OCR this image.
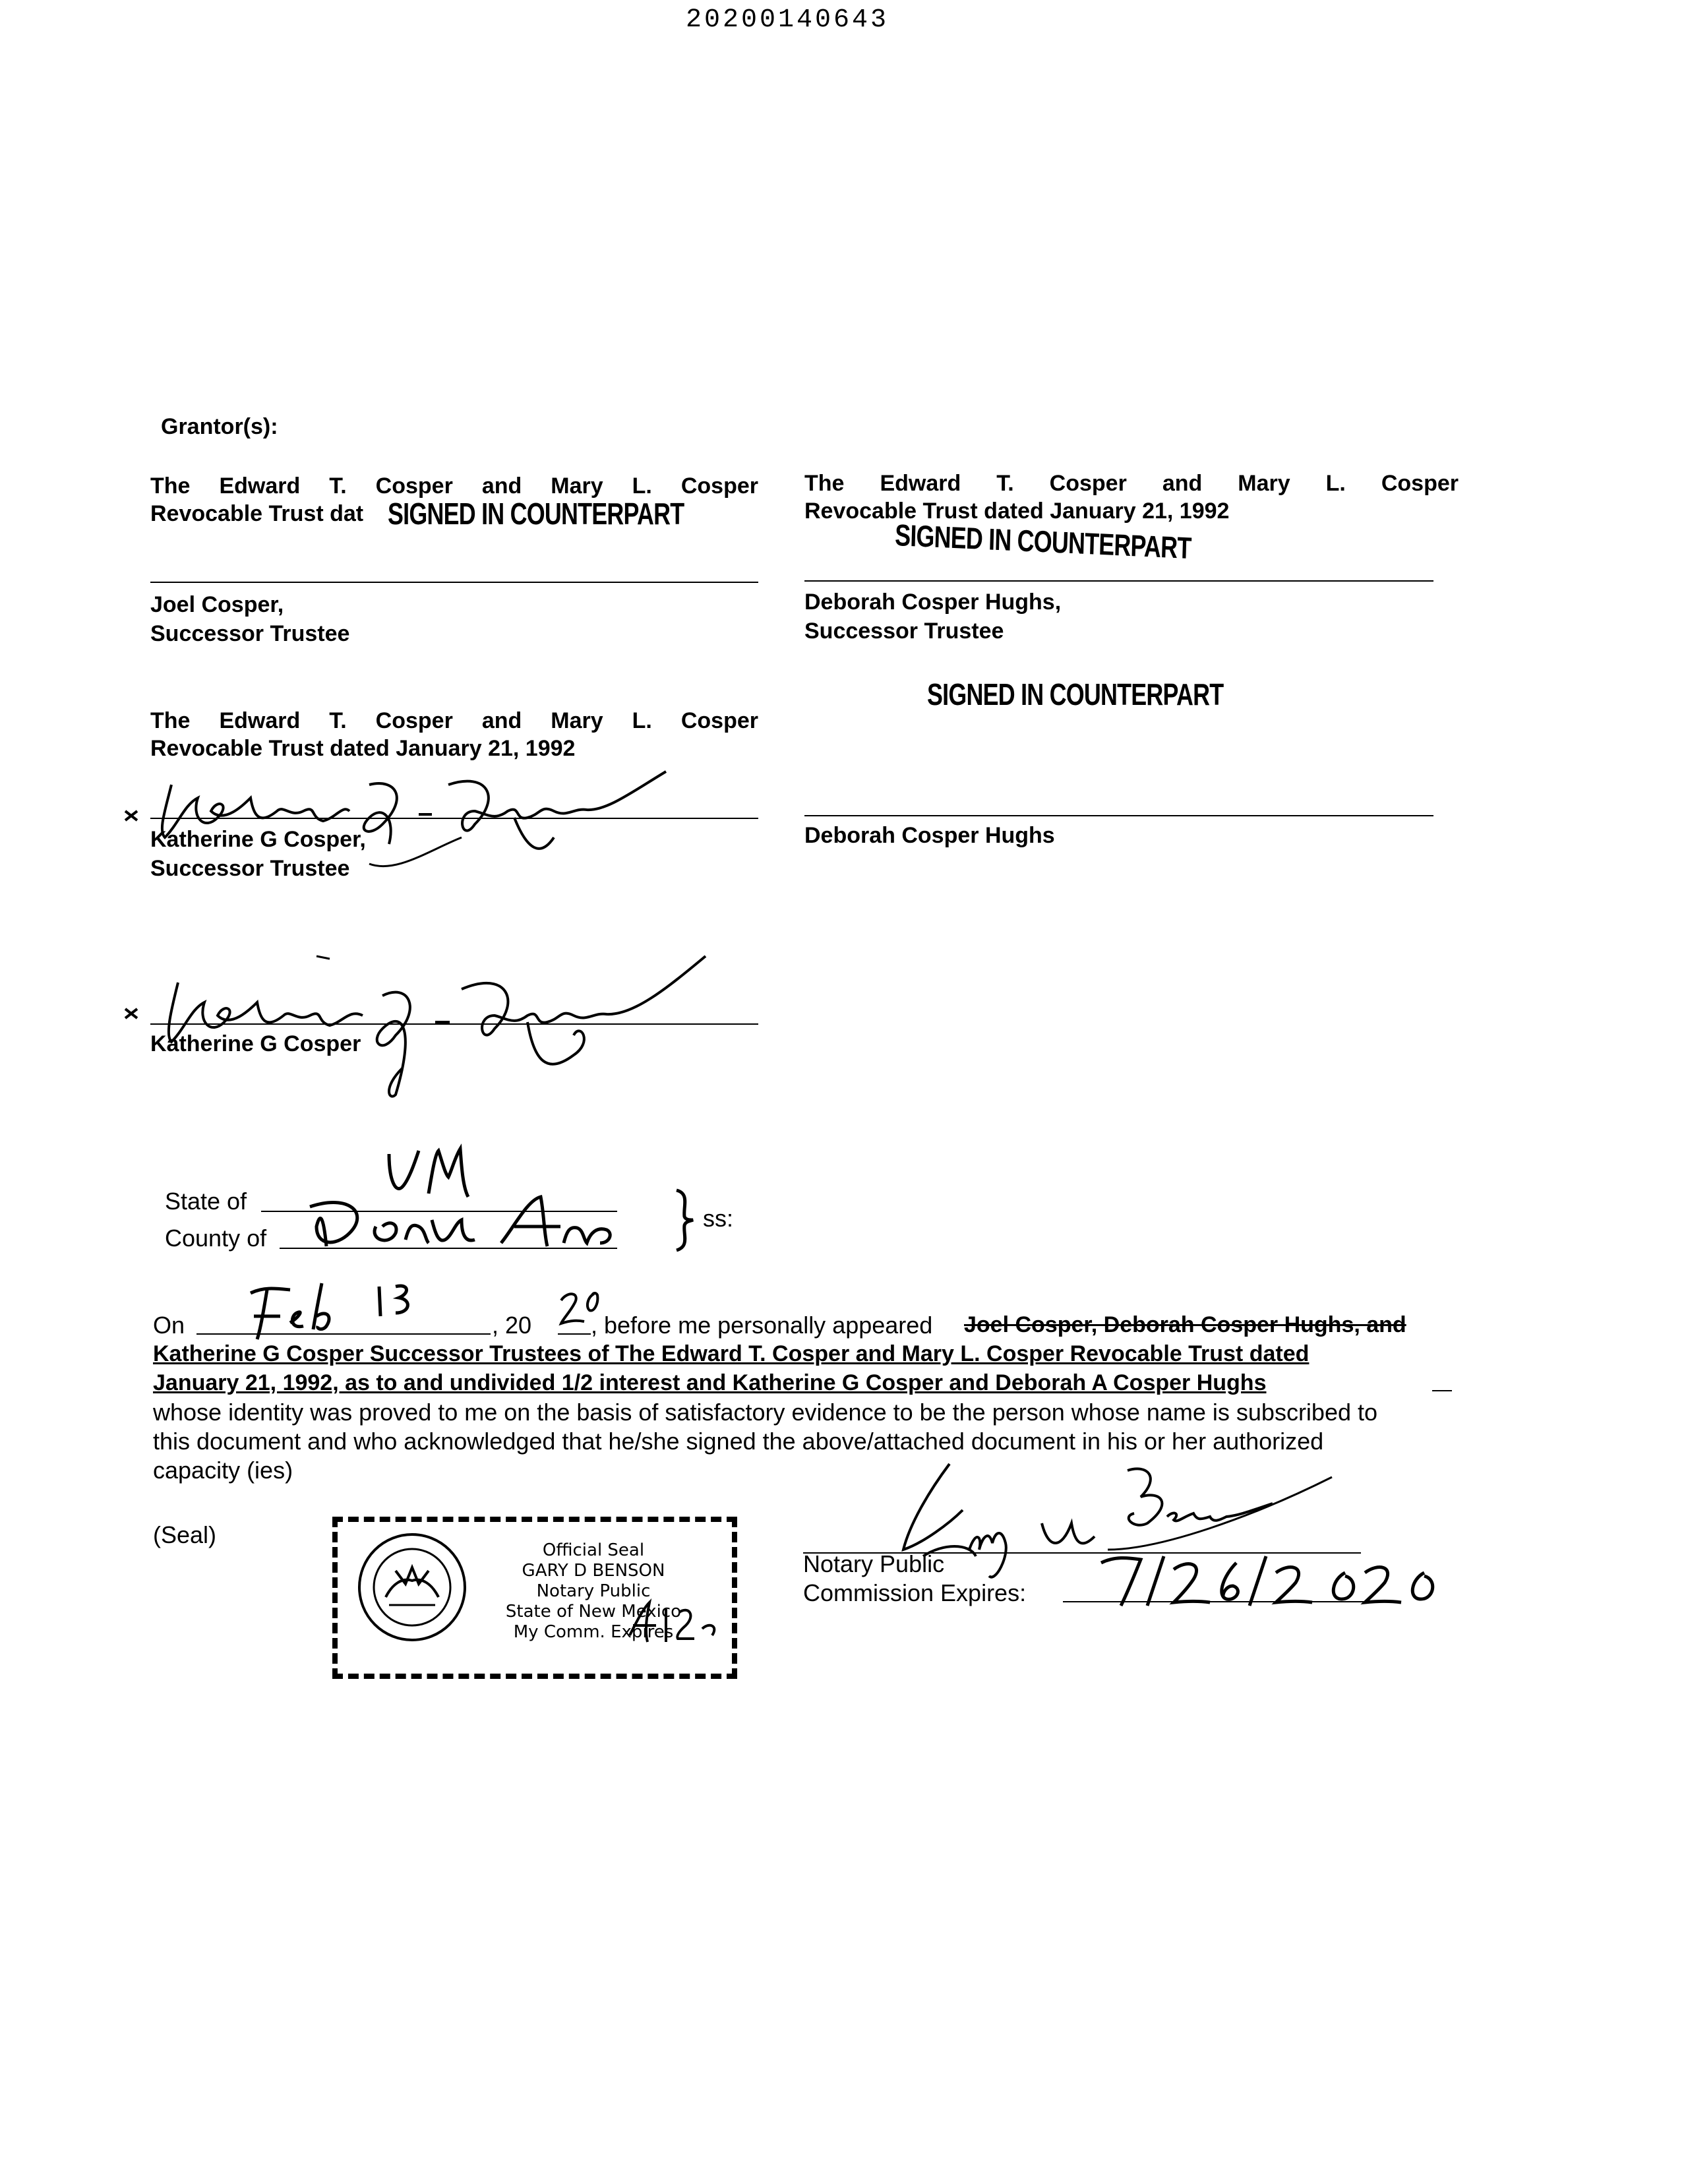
20200140643
Grantor(s):
The Edward T. Cosper and Mary L. Cosper
Revocable Trust dat SIGNED IN COUNTERPART
Joel Cosper,
Successor Trustee
The Edward T. Cosper and Mary L. Cosper
Revocable Trust dated January 21, 1992
SIGNED IN COUNTERPART
Deborah Cosper Hughs,
Successor Trustee
The Edward T. Cosper and Mary L. Cosper
Revocable Trust dated January 21, 1992
Katherine G Cosper,
Successor Trustee
SIGNED IN COUNTERPART
Deborah Cosper Hughs
Katherine G Cosper
State of
County of
ss:
On	, 20 , before me personally appeared Joel Cosper, Deborah Cosper Hughs, and
Katherine G Cosper Successor Trustees of The Edward T. Cosper and Mary L. Cosper Revocable Trust dated
January 21, 1992, as to and undivided 1/2 interest and Katherine G Cosper and Deborah A Cosper Hughs
whose identity was proved to me on the basis of satisfactory evidence to be the person whose name is subscribed to
this document and who acknowledged that he/she signed the above/attached document in his or her authorized
capacity (ies)
(Seal)
Official Seal
GARY D BENSON
Notary Public
State of New Mexico
My Comm. Expires
Notary Public
Commission Expires:
